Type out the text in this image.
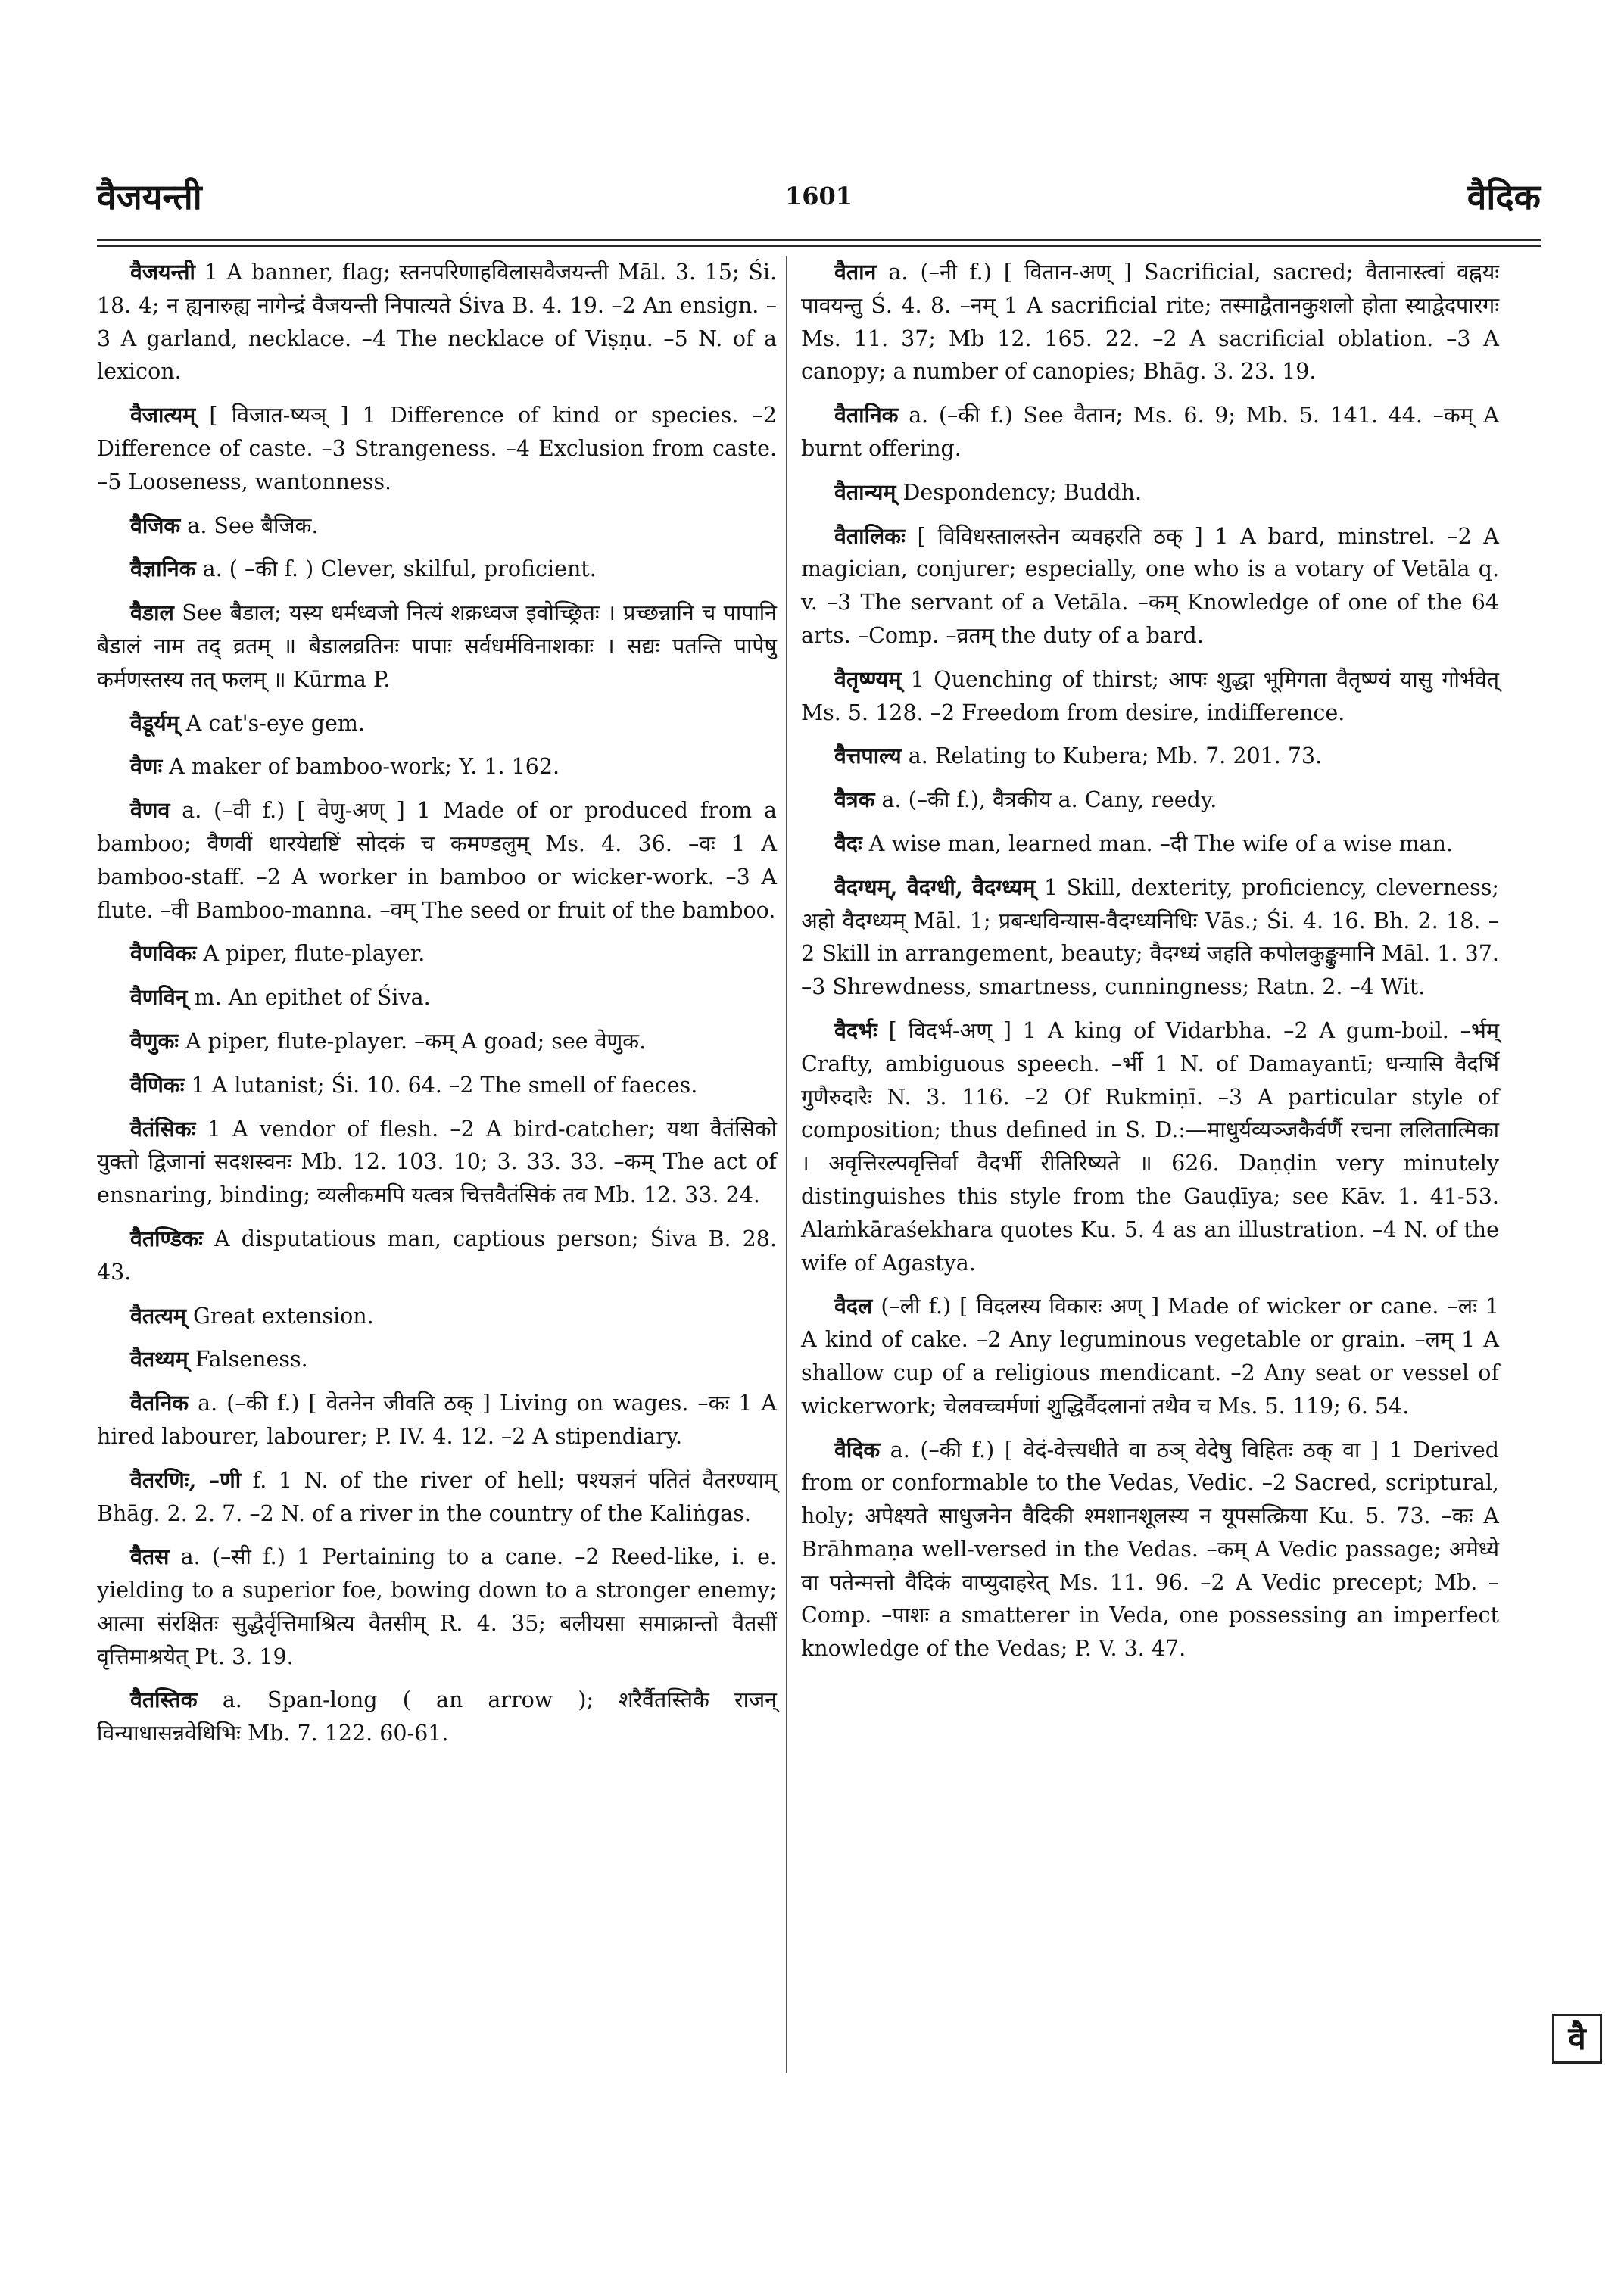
वैजयन्ती	1601	वैदिक

वैजयन्ती 1 A banner, flag; स्तनपरिणाहविलासवैजयन्ती Māl. 3. 15; Śi. 18. 4; न ह्यनारुह्य नागेन्द्रं वैजयन्ती निपात्यते Śiva B. 4. 19. –2 An ensign. –3 A garland, necklace. –4 The necklace of Viṣṇu. –5 N. of a lexicon.

वैजात्यम् [ विजात-ष्यञ् ] 1 Difference of kind or species. –2 Difference of caste. –3 Strangeness. –4 Exclusion from caste. –5 Looseness, wantonness.

वैजिक a. See बैजिक.

वैज्ञानिक a. ( –की f. ) Clever, skilful, proficient.

वैडाल See बैडाल; यस्य धर्मध्वजो नित्यं शक्रध्वज इवोच्छ्रितः । प्रच्छन्नानि च पापानि बैडालं नाम तद् व्रतम् ॥ बैडालव्रतिनः पापाः सर्वधर्मविनाशकाः । सद्यः पतन्ति पापेषु कर्मणस्तस्य तत् फलम् ॥ Kūrma P.

वैडूर्यम् A cat's-eye gem.

वैणः A maker of bamboo-work; Y. 1. 162.

वैणव a. (–वी f.) [ वेणु-अण् ] 1 Made of or produced from a bamboo; वैणवीं धारयेद्यष्टिं सोदकं च कमण्डलुम् Ms. 4. 36. –वः 1 A bamboo-staff. –2 A worker in bamboo or wicker-work. –3 A flute. –वी Bamboo-manna. –वम् The seed or fruit of the bamboo.

वैणविकः A piper, flute-player.

वैणविन् m. An epithet of Śiva.

वैणुकः A piper, flute-player. –कम् A goad; see वेणुक.

वैणिकः 1 A lutanist; Śi. 10. 64. –2 The smell of faeces.

वैतंसिकः 1 A vendor of flesh. –2 A bird-catcher; यथा वैतंसिको युक्तो द्विजानां सदशस्वनः Mb. 12. 103. 10; 3. 33. 33. –कम् The act of ensnaring, binding; व्यलीकमपि यत्वत्र चित्तवैतंसिकं तव Mb. 12. 33. 24.

वैतण्डिकः A disputatious man, captious person; Śiva B. 28. 43.

वैतत्यम् Great extension.

वैतथ्यम् Falseness.

वैतनिक a. (–की f.) [ वेतनेन जीवति ठक् ] Living on wages. –कः 1 A hired labourer, labourer; P. IV. 4. 12. –2 A stipendiary.

वैतरणिः, –णी f. 1 N. of the river of hell; पश्यज्ञनं पतितं वैतरण्याम् Bhāg. 2. 2. 7. –2 N. of a river in the country of the Kaliṅgas.

वैतस a. (–सी f.) 1 Pertaining to a cane. –2 Reed-like, i. e. yielding to a superior foe, bowing down to a stronger enemy; आत्मा संरक्षितः सुद्धैर्वृत्तिमाश्रित्य वैतसीम् R. 4. 35; बलीयसा समाक्रान्तो वैतसीं वृत्तिमाश्रयेत् Pt. 3. 19.

वैतस्तिक a. Span-long ( an arrow ); शरैर्वैतस्तिकै राजन् विन्याधासन्नवेधिभिः Mb. 7. 122. 60-61.

वैतान a. (–नी f.) [ वितान-अण् ] Sacrificial, sacred; वैतानास्त्वां वह्नयः पावयन्तु Ś. 4. 8. –नम् 1 A sacrificial rite; तस्माद्वैतानकुशलो होता स्याद्वेदपारगः Ms. 11. 37; Mb 12. 165. 22. –2 A sacrificial oblation. –3 A canopy; a number of canopies; Bhāg. 3. 23. 19.

वैतानिक a. (–की f.) See वैतान; Ms. 6. 9; Mb. 5. 141. 44. –कम् A burnt offering.

वैतान्यम् Despondency; Buddh.

वैतालिकः [ विविधस्तालस्तेन व्यवहरति ठक् ] 1 A bard, minstrel. –2 A magician, conjurer; especially, one who is a votary of Vetāla q. v. –3 The servant of a Vetāla. –कम् Knowledge of one of the 64 arts. –Comp. –व्रतम् the duty of a bard.

वैतृष्ण्यम् 1 Quenching of thirst; आपः शुद्धा भूमिगता वैतृष्ण्यं यासु गोर्भवेत् Ms. 5. 128. –2 Freedom from desire, indifference.

वैत्तपाल्य a. Relating to Kubera; Mb. 7. 201. 73.

वैत्रक a. (–की f.), वैत्रकीय a. Cany, reedy.

वैदः A wise man, learned man. –दी The wife of a wise man.

वैदग्धम्, वैदग्धी, वैदग्ध्यम् 1 Skill, dexterity, proficiency, cleverness; अहो वैदग्ध्यम् Māl. 1; प्रबन्धविन्यास-वैदग्ध्यनिधिः Vās.; Śi. 4. 16. Bh. 2. 18. –2 Skill in arrangement, beauty; वैदग्ध्यं जहति कपोलकुङ्कुमानि Māl. 1. 37. –3 Shrewdness, smartness, cunningness; Ratn. 2. –4 Wit.

वैदर्भः [ विदर्भ-अण् ] 1 A king of Vidarbha. –2 A gum-boil. –र्भम् Crafty, ambiguous speech. –र्भी 1 N. of Damayantī; धन्यासि वैदर्भि गुणैरुदारैः N. 3. 116. –2 Of Rukmiṇī. –3 A particular style of composition; thus defined in S. D.:—माधुर्यव्यञ्जकैर्वर्णै रचना ललितात्मिका । अवृत्तिरल्पवृत्तिर्वा वैदर्भी रीतिरिष्यते ॥ 626. Daṇḍin very minutely distinguishes this style from the Gauḍīya; see Kāv. 1. 41-53. Alaṁkāraśekhara quotes Ku. 5. 4 as an illustration. –4 N. of the wife of Agastya.

वैदल (–ली f.) [ विदलस्य विकारः अण् ] Made of wicker or cane. –लः 1 A kind of cake. –2 Any leguminous vegetable or grain. –लम् 1 A shallow cup of a religious mendicant. –2 Any seat or vessel of wickerwork; चेलवच्चर्मणां शुद्धिर्वैदलानां तथैव च Ms. 5. 119; 6. 54.

वैदिक a. (–की f.) [ वेदं-वेत्त्यधीते वा ठञ् वेदेषु विहितः ठक् वा ] 1 Derived from or conformable to the Vedas, Vedic. –2 Sacred, scriptural, holy; अपेक्ष्यते साधुजनेन वैदिकी श्मशानशूलस्य न यूपसत्क्रिया Ku. 5. 73. –कः A Brāhmaṇa well-versed in the Vedas. –कम् A Vedic passage; अमेध्ये वा पतेन्मत्तो वैदिकं वाप्युदाहरेत् Ms. 11. 96. –2 A Vedic precept; Mb. –Comp. –पाशः a smatterer in Veda, one possessing an imperfect knowledge of the Vedas; P. V. 3. 47.

वै
